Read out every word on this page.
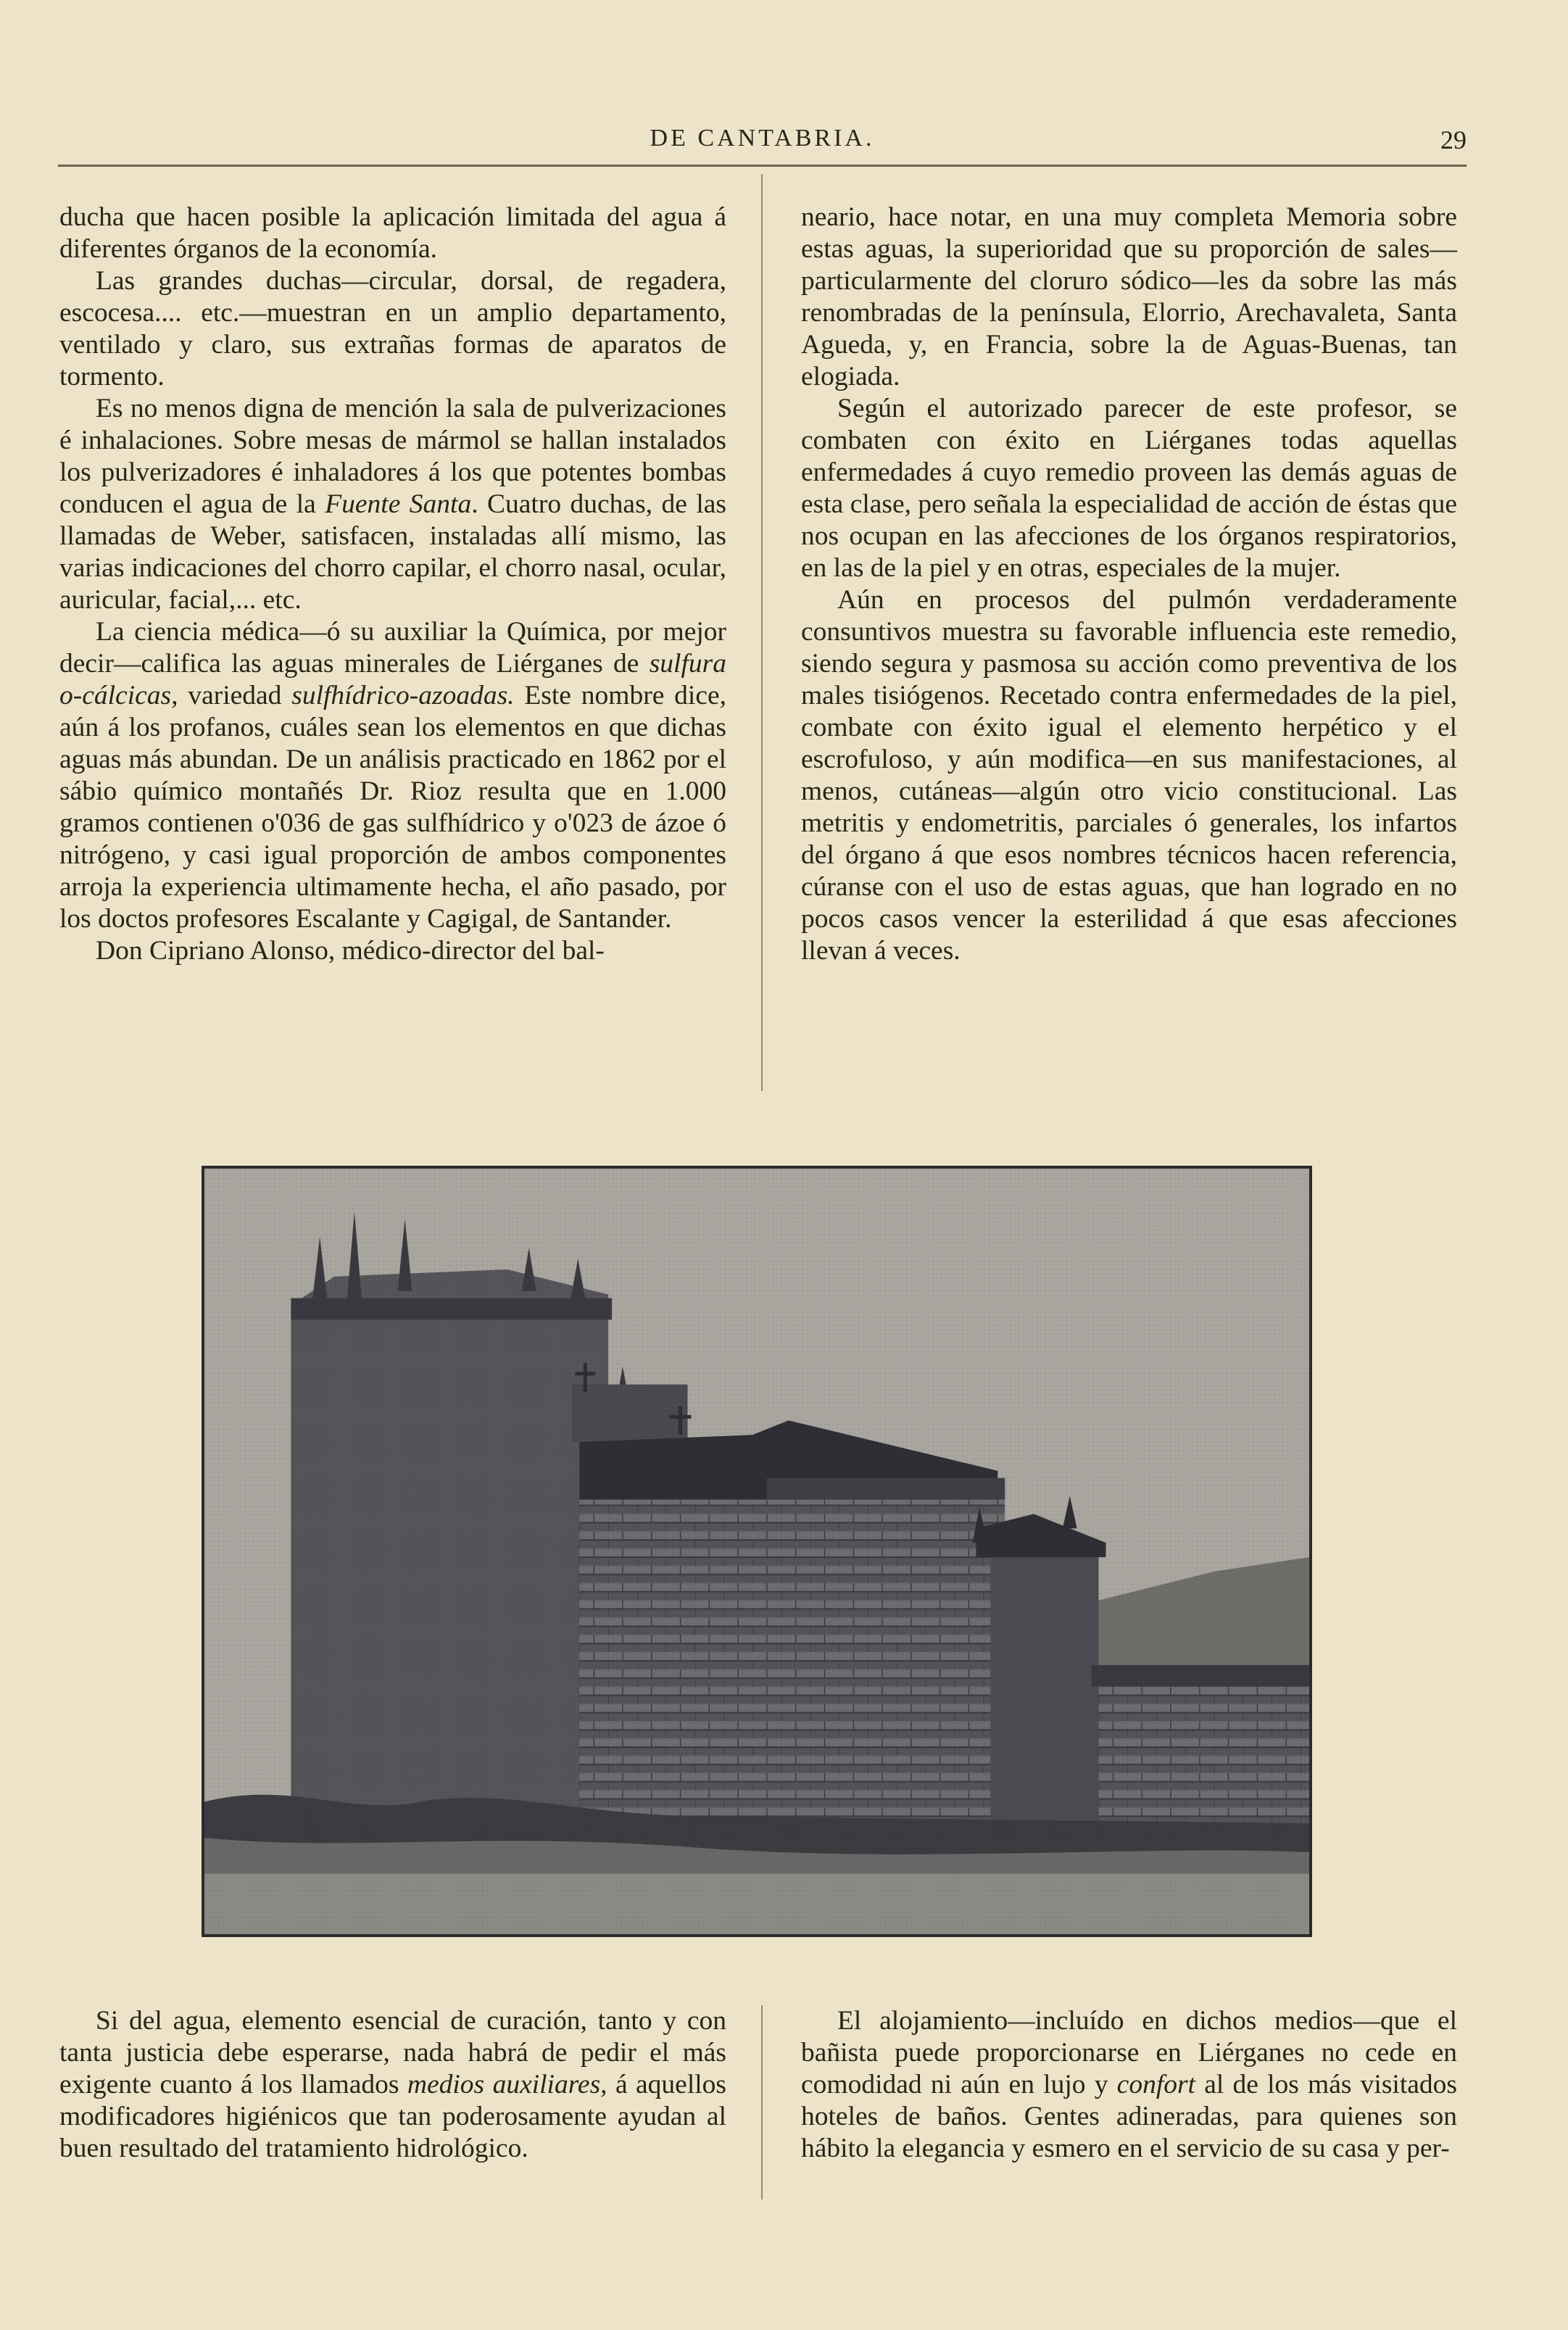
DE CANTABRIA.	29

ducha que hacen posible la aplicación limitada del agua á diferentes órganos de la economía.

Las grandes duchas—circular, dorsal, de regadera, escocesa.... etc.—muestran en un amplio departamento, ventilado y claro, sus extrañas formas de aparatos de tormento.

Es no menos digna de mención la sala de pulverizaciones é inhalaciones. Sobre mesas de mármol se hallan instalados los pulverizadores é inhaladores á los que potentes bombas conducen el agua de la Fuente Santa. Cuatro duchas, de las llamadas de Weber, satisfacen, instaladas allí mismo, las varias indicaciones del chorro capilar, el chorro nasal, ocular, auricular, facial,... etc.

La ciencia médica—ó su auxiliar la Química, por mejor decir—califica las aguas minerales de Liérganes de sulfura o-cálcicas, variedad sulfhídrico-azoadas. Este nombre dice, aún á los profanos, cuáles sean los elementos en que dichas aguas más abundan. De un análisis practicado en 1862 por el sábio químico montañés Dr. Rioz resulta que en 1.000 gramos contienen o'036 de gas sulfhídrico y o'023 de ázoe ó nitrógeno, y casi igual proporción de ambos componentes arroja la experiencia ultimamente hecha, el año pasado, por los doctos profesores Escalante y Cagigal, de Santander.

Don Cipriano Alonso, médico-director del bal-

neario, hace notar, en una muy completa Memoria sobre estas aguas, la superioridad que su proporción de sales—particularmente del cloruro sódico—les da sobre las más renombradas de la península, Elorrio, Arechavaleta, Santa Agueda, y, en Francia, sobre la de Aguas-Buenas, tan elogiada.

Según el autorizado parecer de este profesor, se combaten con éxito en Liérganes todas aquellas enfermedades á cuyo remedio proveen las demás aguas de esta clase, pero señala la especialidad de acción de éstas que nos ocupan en las afecciones de los órganos respiratorios, en las de la piel y en otras, especiales de la mujer.

Aún en procesos del pulmón verdaderamente consuntivos muestra su favorable influencia este remedio, siendo segura y pasmosa su acción como preventiva de los males tisiógenos. Recetado contra enfermedades de la piel, combate con éxito igual el elemento herpético y el escrofuloso, y aún modifica—en sus manifestaciones, al menos, cutáneas—algún otro vicio constitucional. Las metritis y endometritis, parciales ó generales, los infartos del órgano á que esos nombres técnicos hacen referencia, cúranse con el uso de estas aguas, que han logrado en no pocos casos vencer la esterilidad á que esas afecciones llevan á veces.

Si del agua, elemento esencial de curación, tanto y con tanta justicia debe esperarse, nada habrá de pedir el más exigente cuanto á los llamados medios auxiliares, á aquellos modificadores higiénicos que tan poderosamente ayudan al buen resultado del tratamiento hidrológico.

El alojamiento—incluído en dichos medios—que el bañista puede proporcionarse en Liérganes no cede en comodidad ni aún en lujo y confort al de los más visitados hoteles de baños. Gentes adineradas, para quienes son hábito la elegancia y esmero en el servicio de su casa y per-
